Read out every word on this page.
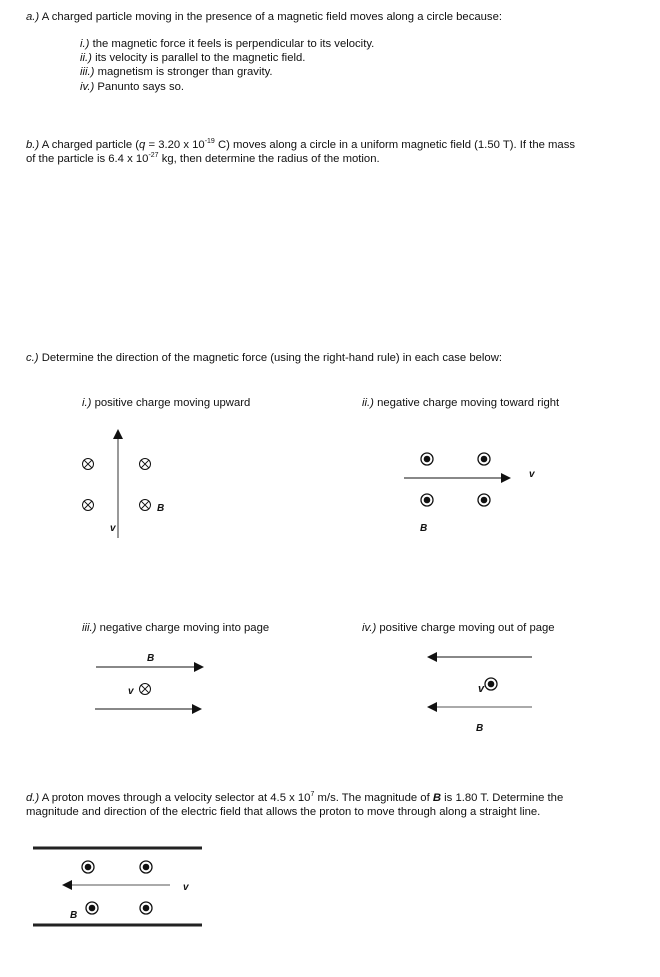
a.) A charged particle moving in the presence of a magnetic field moves along a circle because:
i.) the magnetic force it feels is perpendicular to its velocity.
ii.) its velocity is parallel to the magnetic field.
iii.) magnetism is stronger than gravity.
iv.) Panunto says so.
b.) A charged particle (q = 3.20 x $10^{-19}$ C) moves along a circle in a uniform magnetic field (1.50 T). If the mass
of the particle is 6.4 x $10^{-27}$ kg, then determine the radius of the motion.
c.) Determine the direction of the magnetic force (using the right-hand rule) in each case below:
i.) positive charge moving upward	ii.) negative charge moving toward right
iii.) negative charge moving into page	iv.) positive charge moving out of page
d.) A proton moves through a velocity selector at 4.5 x $10^7$ m/s. The magnitude of B is 1.80 T. Determine the
magnitude and direction of the electric field that allows the proton to move through along a straight line.
B
v
v
B
B
v	v
B
v
B
